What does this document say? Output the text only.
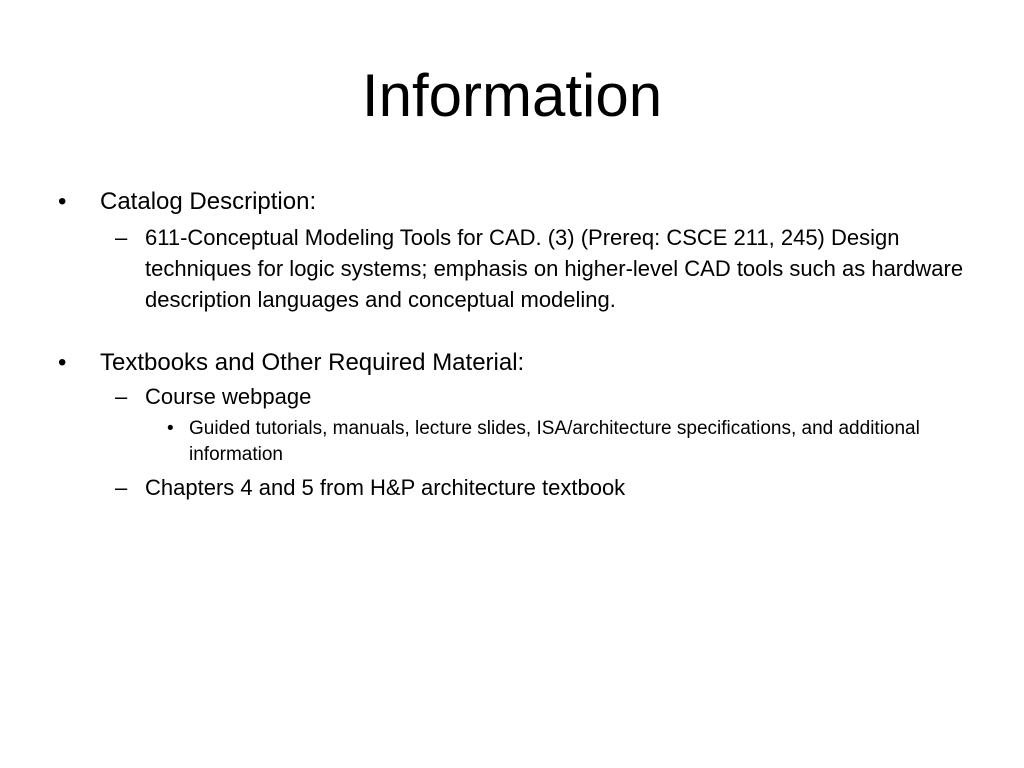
Information
• Catalog Description:
– 611-Conceptual Modeling Tools for CAD. (3) (Prereq: CSCE 211, 245) Design techniques for logic systems; emphasis on higher-level CAD tools such as hardware description languages and conceptual modeling.
• Textbooks and Other Required Material:
– Course webpage
• Guided tutorials, manuals, lecture slides, ISA/architecture specifications, and additional information
– Chapters 4 and 5 from H&P architecture textbook
